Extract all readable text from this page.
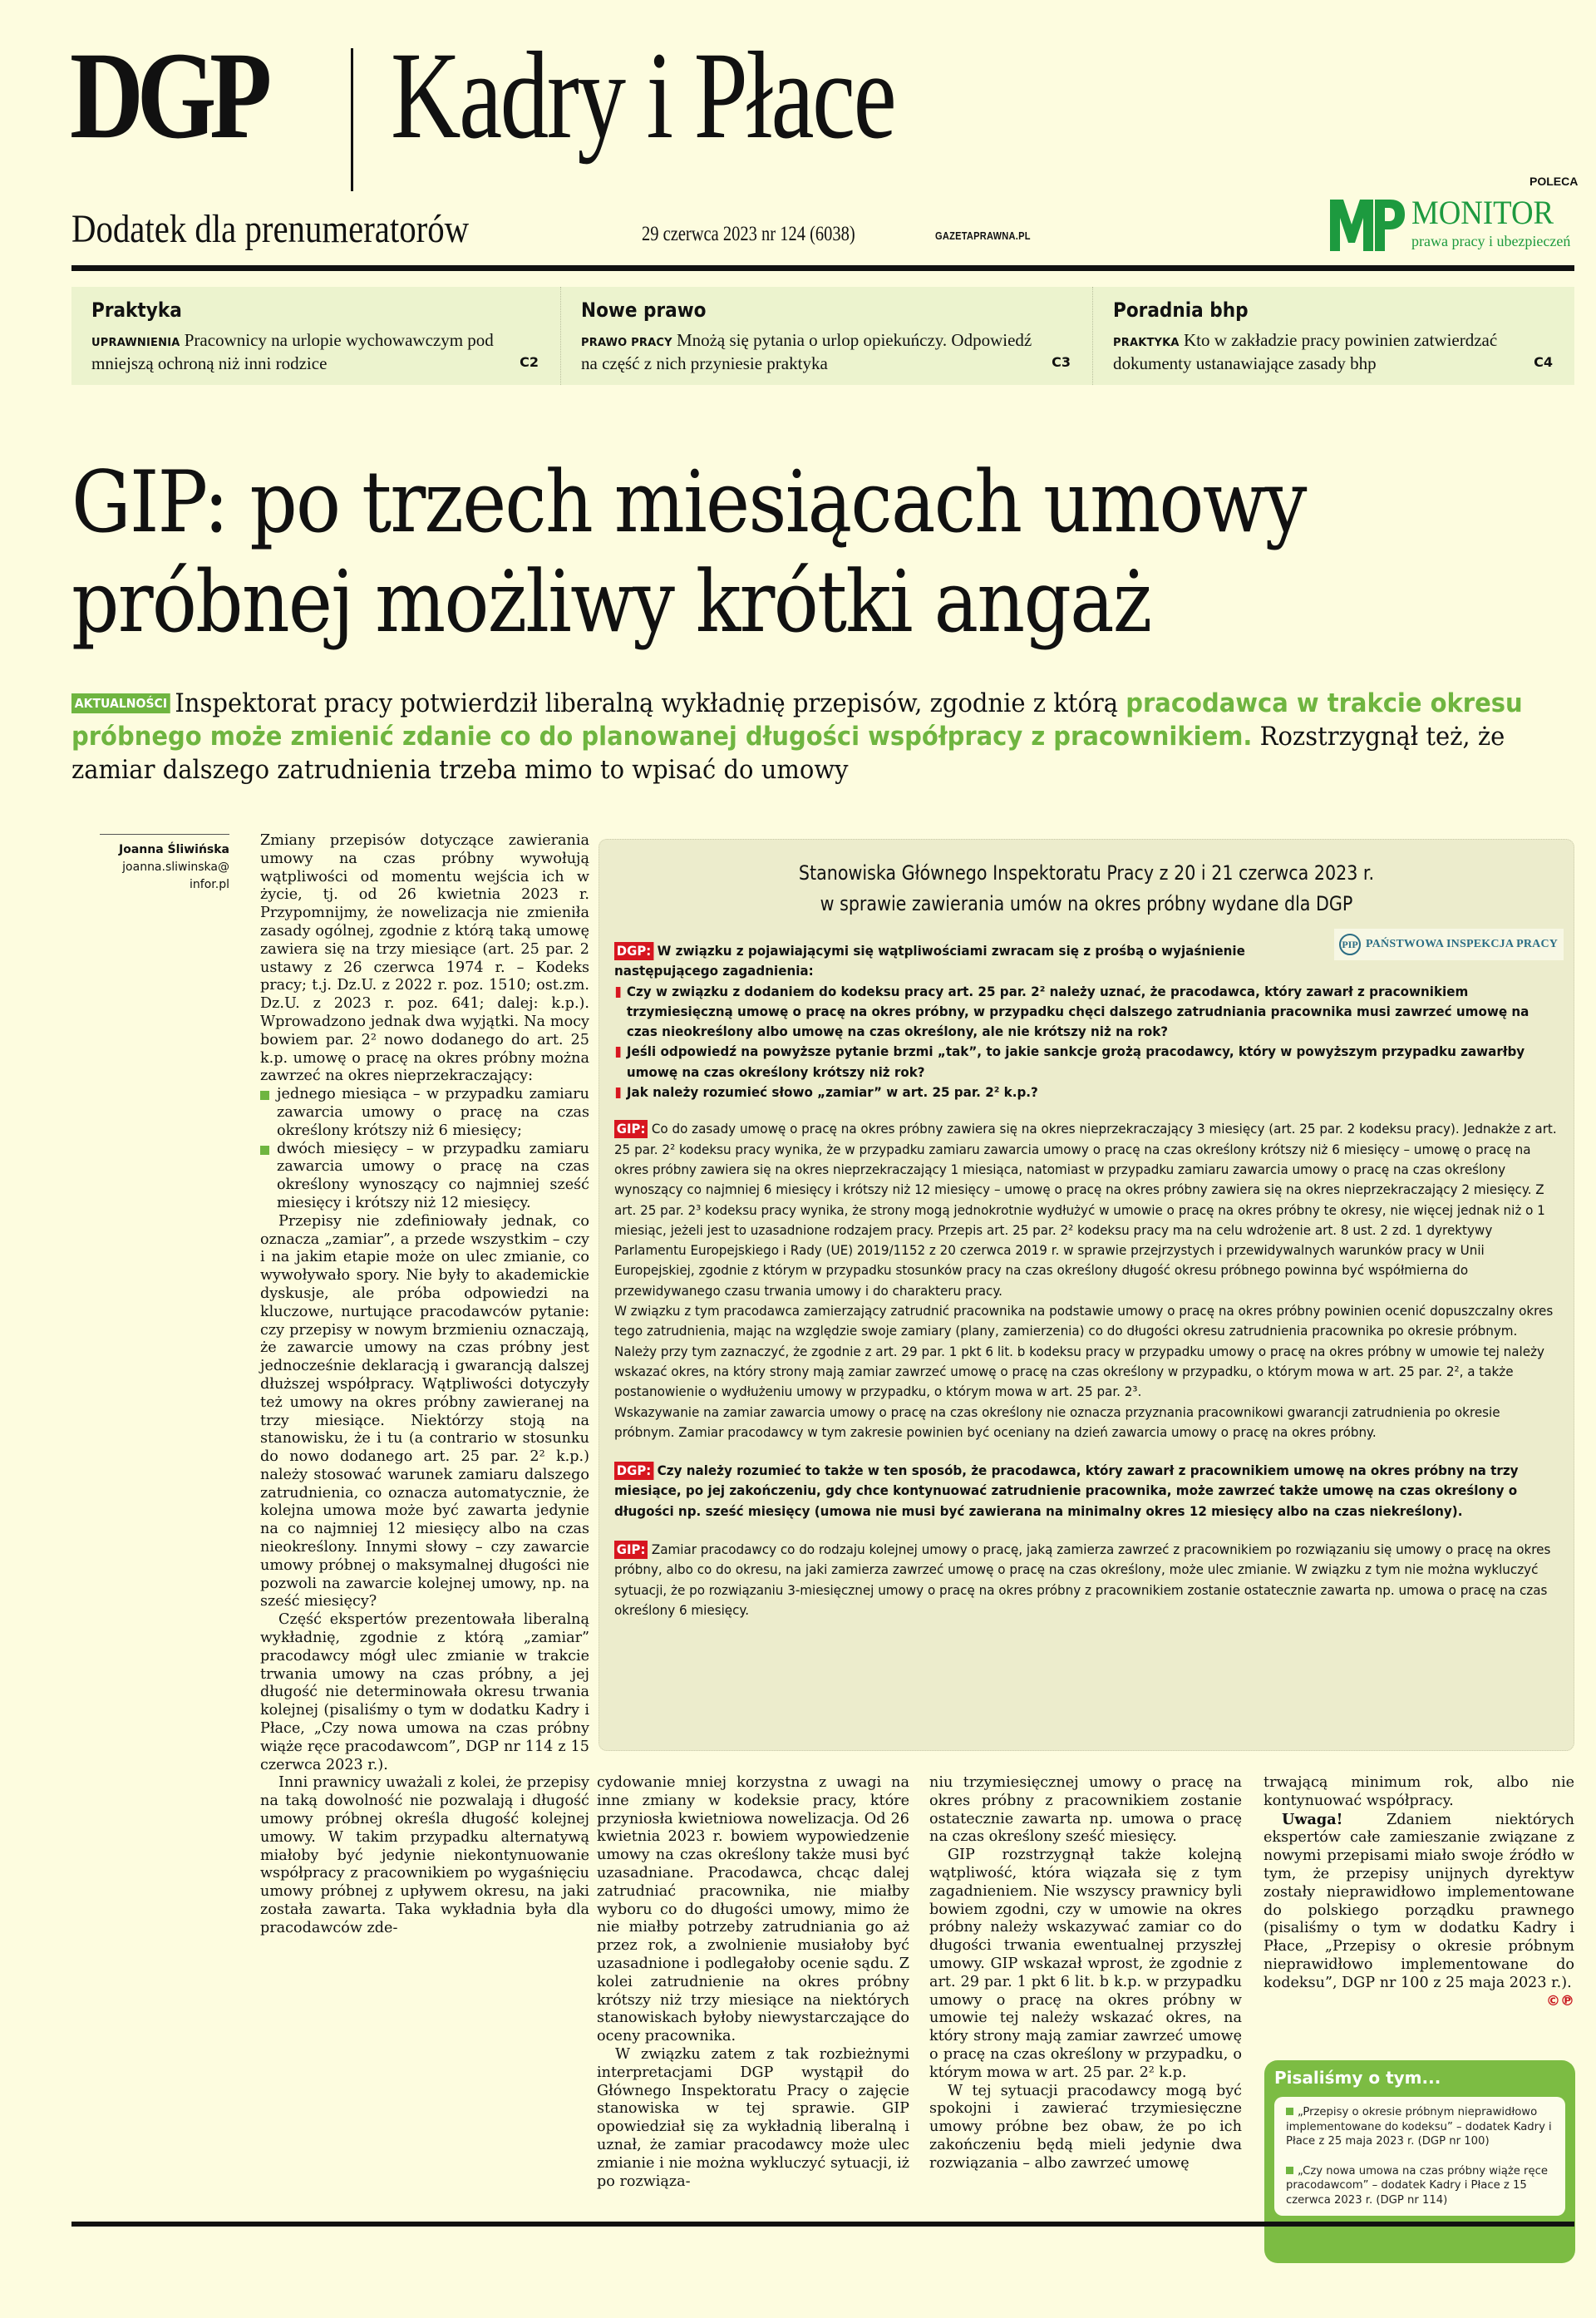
DGP Kadry i Płace
Dodatek dla prenumeratorów	29 czerwca 2023 nr 124 (6038)	GAZETAPRAWNA.PL
POLECA
MONITOR
prawa pracy i ubezpieczeń
Praktyka
UPRAWNIENIA Pracownicy na urlopie wychowawczym pod mniejszą ochroną niż inni rodzice	C2
Nowe prawo
PRAWO PRACY Mnożą się pytania o urlop opiekuńczy. Odpowiedź na część z nich przyniesie praktyka	C3
Poradnia bhp
PRAKTYKA Kto w zakładzie pracy powinien zatwierdzać dokumenty ustanawiające zasady bhp	C4
GIP: po trzech miesiącach umowy
próbnej możliwy krótki angaż
AKTUALNOŚCI Inspektorat pracy potwierdził liberalną wykładnię przepisów, zgodnie z którą pracodawca w trakcie okresu próbnego może zmienić zdanie co do planowanej długości współpracy z pracownikiem. Rozstrzygnął też, że zamiar dalszego zatrudnienia trzeba mimo to wpisać do umowy
Joanna Śliwińska
joanna.sliwinska@
infor.pl

Zmiany przepisów dotyczące zawierania umowy na czas próbny wywołują wątpliwości od momentu wejścia ich w życie, tj. od 26 kwietnia 2023 r. Przypomnijmy, że nowelizacja nie zmieniła zasady ogólnej, zgodnie z którą taką umowę zawiera się na trzy miesiące (art. 25 par. 2 ustawy z 26 czerwca 1974 r. – Kodeks pracy; t.j. Dz.U. z 2022 r. poz. 1510; ost.zm. Dz.U. z 2023 r. poz. 641; dalej: k.p.). Wprowadzono jednak dwa wyjątki. Na mocy bowiem par. 2² nowo dodanego do art. 25 k.p. umowę o pracę na okres próbny można zawrzeć na okres nieprzekraczający:

jednego miesiąca – w przypadku zamiaru zawarcia umowy o pracę na czas określony krótszy niż 6 miesięcy;
dwóch miesięcy – w przypadku zamiaru zawarcia umowy o pracę na czas określony wynoszący co najmniej sześć miesięcy i krótszy niż 12 miesięcy.

Przepisy nie zdefiniowały jednak, co oznacza „zamiar”, a przede wszystkim – czy i na jakim etapie może on ulec zmianie, co wywoływało spory. Nie były to akademickie dyskusje, ale próba odpowiedzi na kluczowe, nurtujące pracodawców pytanie: czy przepisy w nowym brzmieniu oznaczają, że zawarcie umowy na czas próbny jest jednocześnie deklaracją i gwarancją dalszej dłuższej współpracy. Wątpliwości dotyczyły też umowy na okres próbny zawieranej na trzy miesiące. Niektórzy stoją na stanowisku, że i tu (a contrario w stosunku do nowo dodanego art. 25 par. 2² k.p.) należy stosować warunek zamiaru dalszego zatrudnienia, co oznacza automatycznie, że kolejna umowa może być zawarta jedynie na co najmniej 12 miesięcy albo na czas nieokreślony. Innymi słowy – czy zawarcie umowy próbnej o maksymalnej długości nie pozwoli na zawarcie kolejnej umowy, np. na sześć miesięcy?

Część ekspertów prezentowała liberalną wykładnię, zgodnie z którą „zamiar” pracodawcy mógł ulec zmianie w trakcie trwania umowy na czas próbny, a jej długość nie determinowała okresu trwania kolejnej (pisaliśmy o tym w dodatku Kadry i Płace, „Czy nowa umowa na czas próbny wiąże ręce pracodawcom”, DGP nr 114 z 15 czerwca 2023 r.).

Inni prawnicy uważali z kolei, że przepisy na taką dowolność nie pozwalają i długość umowy próbnej określa długość kolejnej umowy. W takim przypadku alternatywą miałoby być jedynie niekontynuowanie współpracy z pracownikiem po wygaśnięciu umowy próbnej z upływem okresu, na jaki została zawarta. Taka wykładnia była dla pracodawców zde-

Stanowiska Głównego Inspektoratu Pracy z 20 i 21 czerwca 2023 r.
w sprawie zawierania umów na okres próbny wydane dla DGP
PIP PAŃSTWOWA INSPEKCJA PRACY
DGP: W związku z pojawiającymi się wątpliwościami zwracam się z prośbą o wyjaśnienie następującego zagadnienia:
Czy w związku z dodaniem do kodeksu pracy art. 25 par. 2² należy uznać, że pracodawca, który zawarł z pracownikiem trzymiesięczną umowę o pracę na okres próbny, w przypadku chęci dalszego zatrudniania pracownika musi zawrzeć umowę na czas nieokreślony albo umowę na czas określony, ale nie krótszy niż na rok?
Jeśli odpowiedź na powyższe pytanie brzmi „tak”, to jakie sankcje grożą pracodawcy, który w powyższym przypadku zawarłby umowę na czas określony krótszy niż rok?
Jak należy rozumieć słowo „zamiar” w art. 25 par. 2² k.p.?
GIP: Co do zasady umowę o pracę na okres próbny zawiera się na okres nieprzekraczający 3 miesięcy (art. 25 par. 2 kodeksu pracy). Jednakże z art. 25 par. 2² kodeksu pracy wynika, że w przypadku zamiaru zawarcia umowy o pracę na czas określony krótszy niż 6 miesięcy – umowę o pracę na okres próbny zawiera się na okres nieprzekraczający 1 miesiąca, natomiast w przypadku zamiaru zawarcia umowy o pracę na czas określony wynoszący co najmniej 6 miesięcy i krótszy niż 12 miesięcy – umowę o pracę na okres próbny zawiera się na okres nieprzekraczający 2 miesięcy. Z art. 25 par. 2³ kodeksu pracy wynika, że strony mogą jednokrotnie wydłużyć w umowie o pracę na okres próbny te okresy, nie więcej jednak niż o 1 miesiąc, jeżeli jest to uzasadnione rodzajem pracy. Przepis art. 25 par. 2² kodeksu pracy ma na celu wdrożenie art. 8 ust. 2 zd. 1 dyrektywy Parlamentu Europejskiego i Rady (UE) 2019/1152 z 20 czerwca 2019 r. w sprawie przejrzystych i przewidywalnych warunków pracy w Unii Europejskiej, zgodnie z którym w przypadku stosunków pracy na czas określony długość okresu próbnego powinna być współmierna do przewidywanego czasu trwania umowy i do charakteru pracy.
W związku z tym pracodawca zamierzający zatrudnić pracownika na podstawie umowy o pracę na okres próbny powinien ocenić dopuszczalny okres tego zatrudnienia, mając na względzie swoje zamiary (plany, zamierzenia) co do długości okresu zatrudnienia pracownika po okresie próbnym. Należy przy tym zaznaczyć, że zgodnie z art. 29 par. 1 pkt 6 lit. b kodeksu pracy w przypadku umowy o pracę na okres próbny w umowie tej należy wskazać okres, na który strony mają zamiar zawrzeć umowę o pracę na czas określony w przypadku, o którym mowa w art. 25 par. 2², a także postanowienie o wydłużeniu umowy w przypadku, o którym mowa w art. 25 par. 2³.
Wskazywanie na zamiar zawarcia umowy o pracę na czas określony nie oznacza przyznania pracownikowi gwarancji zatrudnienia po okresie próbnym. Zamiar pracodawcy w tym zakresie powinien być oceniany na dzień zawarcia umowy o pracę na okres próbny.
DGP: Czy należy rozumieć to także w ten sposób, że pracodawca, który zawarł z pracownikiem umowę na okres próbny na trzy miesiące, po jej zakończeniu, gdy chce kontynuować zatrudnienie pracownika, może zawrzeć także umowę na czas określony o długości np. sześć miesięcy (umowa nie musi być zawierana na minimalny okres 12 miesięcy albo na czas niekreślony).
GIP: Zamiar pracodawcy co do rodzaju kolejnej umowy o pracę, jaką zamierza zawrzeć z pracownikiem po rozwiązaniu się umowy o pracę na okres próbny, albo co do okresu, na jaki zamierza zawrzeć umowę o pracę na czas określony, może ulec zmianie. W związku z tym nie można wykluczyć sytuacji, że po rozwiązaniu 3-miesięcznej umowy o pracę na okres próbny z pracownikiem zostanie ostatecznie zawarta np. umowa o pracę na czas określony 6 miesięcy.

cydowanie mniej korzystna z uwagi na inne zmiany w kodeksie pracy, które przyniosła kwietniowa nowelizacja. Od 26 kwietnia 2023 r. bowiem wypowiedzenie umowy na czas określony także musi być uzasadniane. Pracodawca, chcąc dalej zatrudniać pracownika, nie miałby wyboru co do długości umowy, mimo że nie miałby potrzeby zatrudniania go aż przez rok, a zwolnienie musiałoby być uzasadnione i podlegałoby ocenie sądu. Z kolei zatrudnienie na okres próbny krótszy niż trzy miesiące na niektórych stanowiskach byłoby niewystarczające do oceny pracownika.

W związku zatem z tak rozbieżnymi interpretacjami DGP wystąpił do Głównego Inspektoratu Pracy o zajęcie stanowiska w tej sprawie. GIP opowiedział się za wykładnią liberalną i uznał, że zamiar pracodawcy może ulec zmianie i nie można wykluczyć sytuacji, iż po rozwiąza-

niu trzymiesięcznej umowy o pracę na okres próbny z pracownikiem zostanie ostatecznie zawarta np. umowa o pracę na czas określony sześć miesięcy.

GIP rozstrzygnął także kolejną wątpliwość, która wiązała się z tym zagadnieniem. Nie wszyscy prawnicy byli bowiem zgodni, czy w umowie na okres próbny należy wskazywać zamiar co do długości trwania ewentualnej przyszłej umowy. GIP wskazał wprost, że zgodnie z art. 29 par. 1 pkt 6 lit. b k.p. w przypadku umowy o pracę na okres próbny w umowie tej należy wskazać okres, na który strony mają zamiar zawrzeć umowę o pracę na czas określony w przypadku, o którym mowa w art. 25 par. 2² k.p.

W tej sytuacji pracodawcy mogą być spokojni i zawierać trzymiesięczne umowy próbne bez obaw, że po ich zakończeniu będą mieli jedynie dwa rozwiązania – albo zawrzeć umowę

trwającą minimum rok, albo nie kontynuować współpracy.

Uwaga! Zdaniem niektórych ekspertów całe zamieszanie związane z nowymi przepisami miało swoje źródło w tym, że przepisy unijnych dyrektyw zostały nieprawidłowo implementowane do polskiego porządku prawnego (pisaliśmy o tym w dodatku Kadry i Płace, „Przepisy o okresie próbnym nieprawidłowo implementowane do kodeksu”, DGP nr 100 z 25 maja 2023 r.).
©℗

Pisaliśmy o tym...
„Przepisy o okresie próbnym nieprawidłowo implementowane do kodeksu” – dodatek Kadry i Płace z 25 maja 2023 r. (DGP nr 100)
„Czy nowa umowa na czas próbny wiąże ręce pracodawcom” – dodatek Kadry i Płace z 15 czerwca 2023 r. (DGP nr 114)
